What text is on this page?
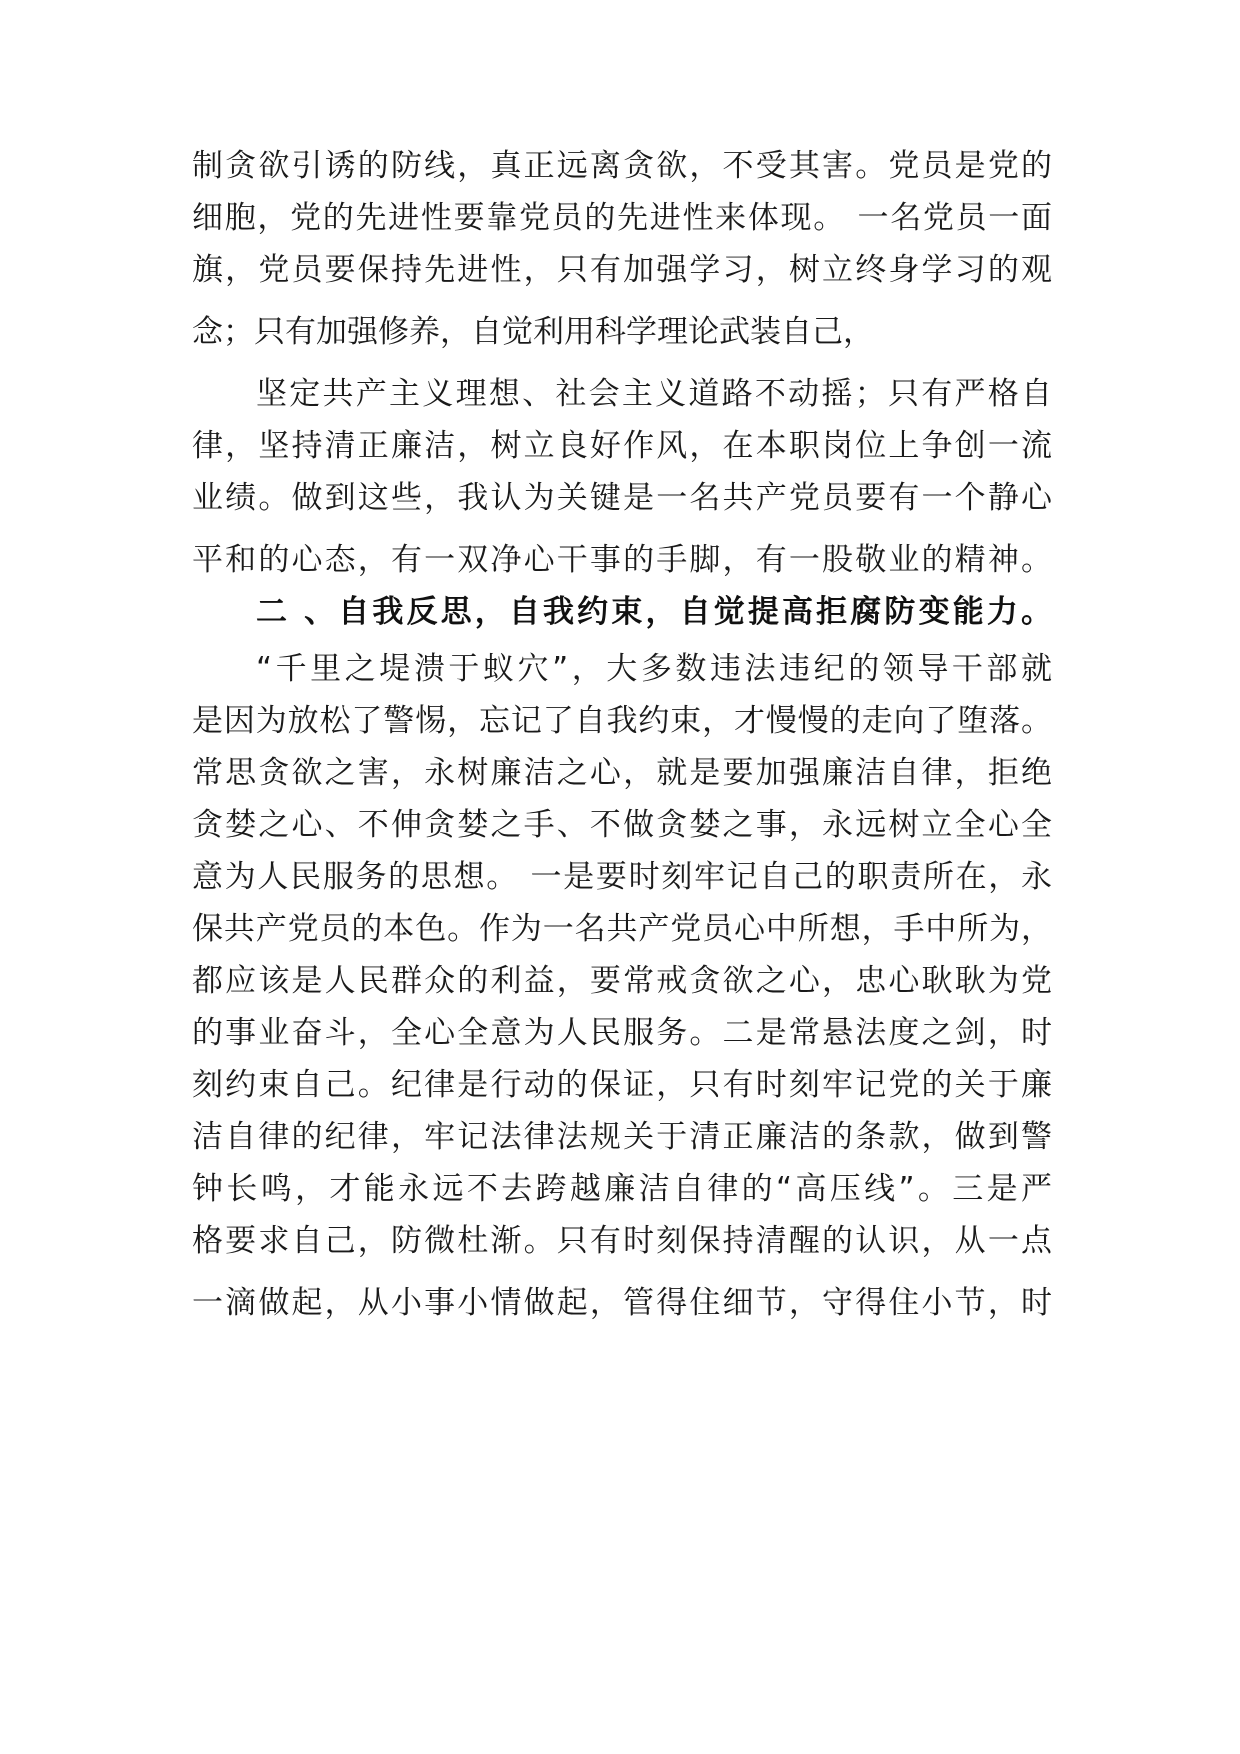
制贪欲引诱的防线，真正远离贪欲，不受其害。党员是党的
细胞，党的先进性要靠党员的先进性来体现。 一名党员一面
旗，党员要保持先进性，只有加强学习，树立终身学习的观
念；只有加强修养，自觉利用科学理论武装自己，
坚定共产主义理想、社会主义道路不动摇；只有严格自
律，坚持清正廉洁，树立良好作风，在本职岗位上争创一流
业绩。做到这些，我认为关键是一名共产党员要有一个静心
平和的心态，有一双净心干事的手脚，有一股敬业的精神。
二 、自我反思，自我约束，自觉提高拒腐防变能力。
“千里之堤溃于蚁穴”，大多数违法违纪的领导干部就
是因为放松了警惕，忘记了自我约束，才慢慢的走向了堕落。
常思贪欲之害，永树廉洁之心，就是要加强廉洁自律，拒绝
贪婪之心、不伸贪婪之手、不做贪婪之事，永远树立全心全
意为人民服务的思想。 一是要时刻牢记自己的职责所在，永
保共产党员的本色。作为一名共产党员心中所想，手中所为，
都应该是人民群众的利益，要常戒贪欲之心，忠心耿耿为党
的事业奋斗，全心全意为人民服务。二是常悬法度之剑，时
刻约束自己。纪律是行动的保证，只有时刻牢记党的关于廉
洁自律的纪律，牢记法律法规关于清正廉洁的条款，做到警
钟长鸣，才能永远不去跨越廉洁自律的“高压线”。三是严
格要求自己，防微杜渐。只有时刻保持清醒的认识，从一点
一滴做起，从小事小情做起，管得住细节，守得住小节，时
